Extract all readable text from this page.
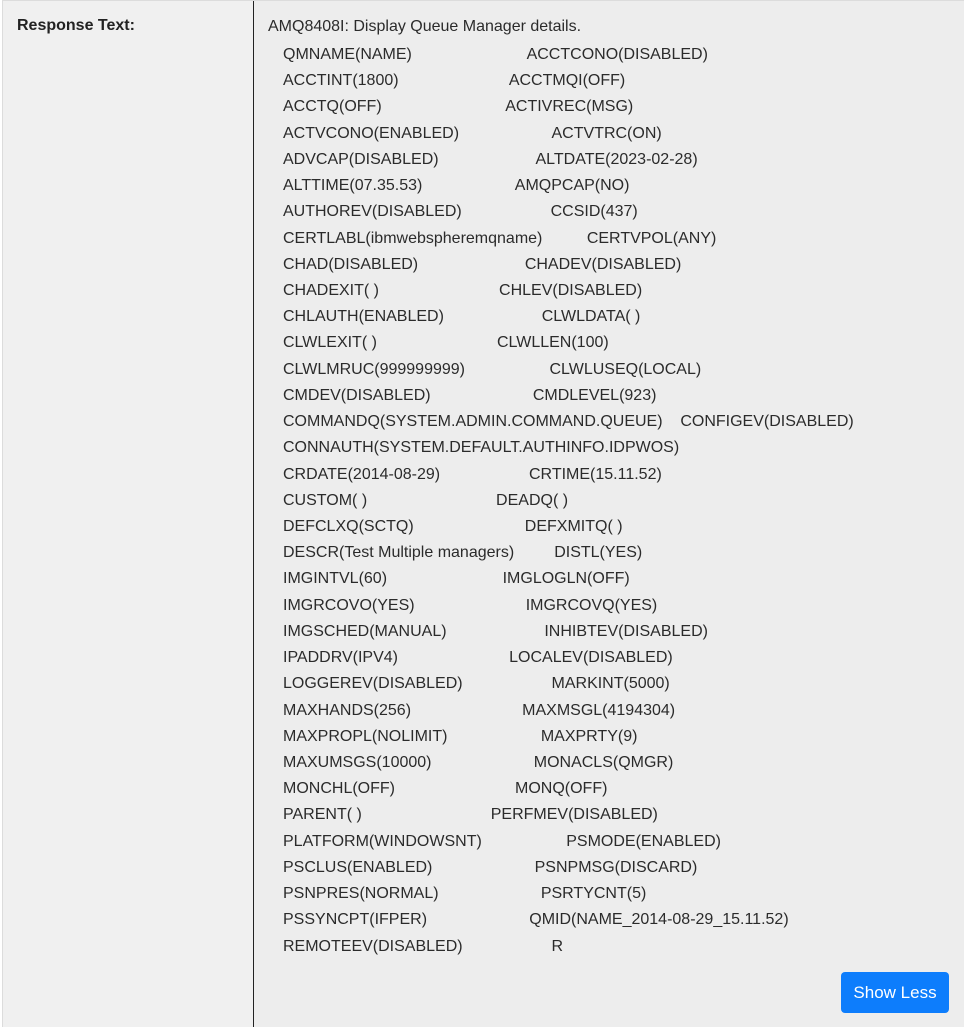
Response Text:	AMQ8408I: Display Queue Manager details.
QMNAME(NAME)                          ACCTCONO(DISABLED)
ACCTINT(1800)                         ACCTMQI(OFF)
ACCTQ(OFF)                            ACTIVREC(MSG)
ACTVCONO(ENABLED)                     ACTVTRC(ON)
ADVCAP(DISABLED)                      ALTDATE(2023-02-28)
ALTTIME(07.35.53)                     AMQPCAP(NO)
AUTHOREV(DISABLED)                    CCSID(437)
CERTLABL(ibmwebspheremqname)          CERTVPOL(ANY)
CHAD(DISABLED)                        CHADEV(DISABLED)
CHADEXIT( )                           CHLEV(DISABLED)
CHLAUTH(ENABLED)                      CLWLDATA( )
CLWLEXIT( )                           CLWLLEN(100)
CLWLMRUC(999999999)                   CLWLUSEQ(LOCAL)
CMDEV(DISABLED)                       CMDLEVEL(923)
COMMANDQ(SYSTEM.ADMIN.COMMAND.QUEUE)    CONFIGEV(DISABLED)
CONNAUTH(SYSTEM.DEFAULT.AUTHINFO.IDPWOS)
CRDATE(2014-08-29)                    CRTIME(15.11.52)
CUSTOM( )                             DEADQ( )
DEFCLXQ(SCTQ)                         DEFXMITQ( )
DESCR(Test Multiple managers)         DISTL(YES)
IMGINTVL(60)                          IMGLOGLN(OFF)
IMGRCOVO(YES)                         IMGRCOVQ(YES)
IMGSCHED(MANUAL)                      INHIBTEV(DISABLED)
IPADDRV(IPV4)                         LOCALEV(DISABLED)
LOGGEREV(DISABLED)                    MARKINT(5000)
MAXHANDS(256)                         MAXMSGL(4194304)
MAXPROPL(NOLIMIT)                     MAXPRTY(9)
MAXUMSGS(10000)                       MONACLS(QMGR)
MONCHL(OFF)                           MONQ(OFF)
PARENT( )                             PERFMEV(DISABLED)
PLATFORM(WINDOWSNT)                   PSMODE(ENABLED)
PSCLUS(ENABLED)                       PSNPMSG(DISCARD)
PSNPRES(NORMAL)                       PSRTYCNT(5)
PSSYNCPT(IFPER)                       QMID(NAME_2014-08-29_15.11.52)
REMOTEEV(DISABLED)                    R
Show Less
